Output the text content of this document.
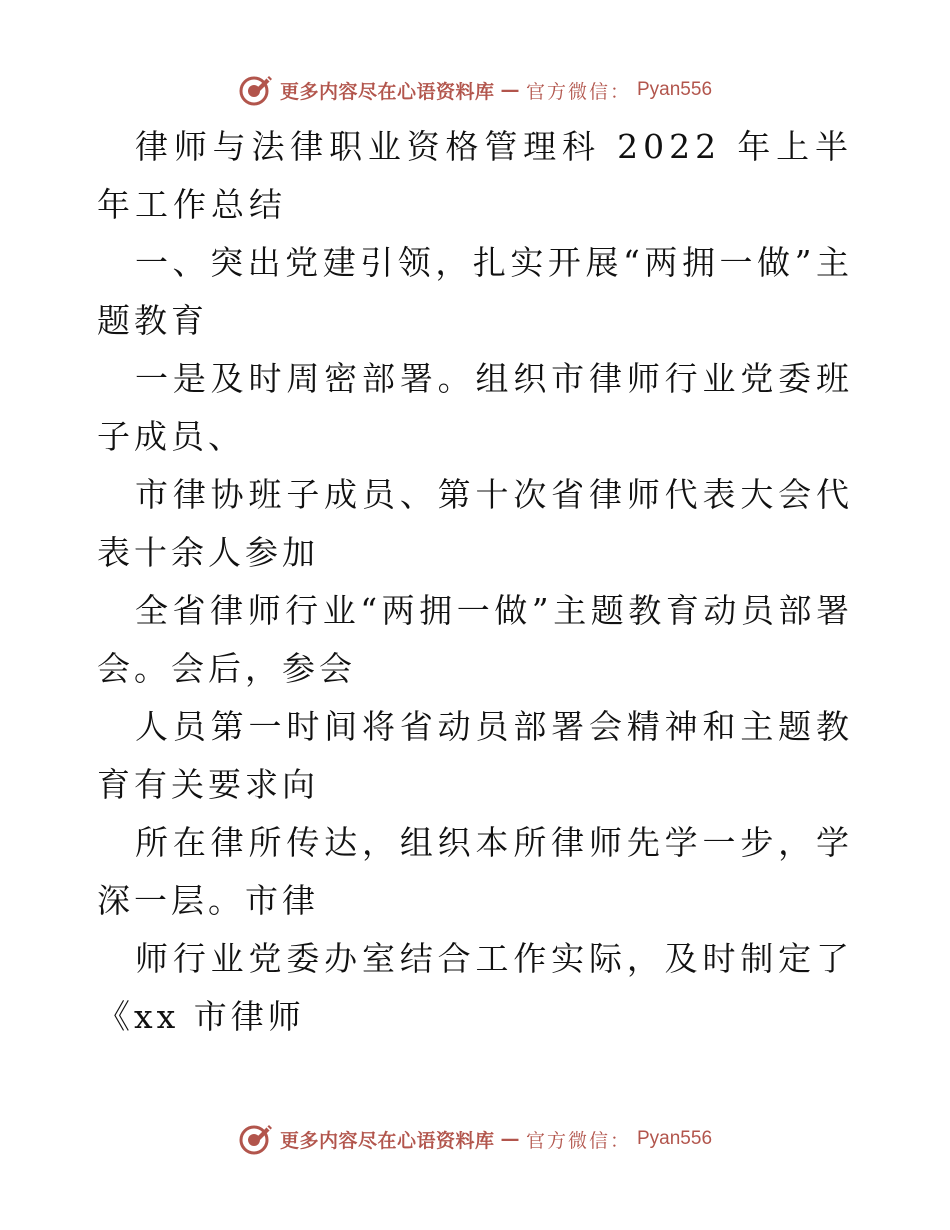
更多内容尽在心语资料库 — 官方微信： Pyan556

律师与法律职业资格管理科 2022 年上半年工作总结

一、突出党建引领，扎实开展“两拥一做”主题教育

一是及时周密部署。组织市律师行业党委班子成员、

市律协班子成员、第十次省律师代表大会代表十余人参加

全省律师行业“两拥一做”主题教育动员部署 会。会后，参会

人员第一时间将省动员部署会精神和主题教育有关要求向

所在律所传达，组织本所律师先学一步，学深一层。市律

师行业党委办室结合工作实际，及时制定了《xx 市律师

更多内容尽在心语资料库 — 官方微信： Pyan556
